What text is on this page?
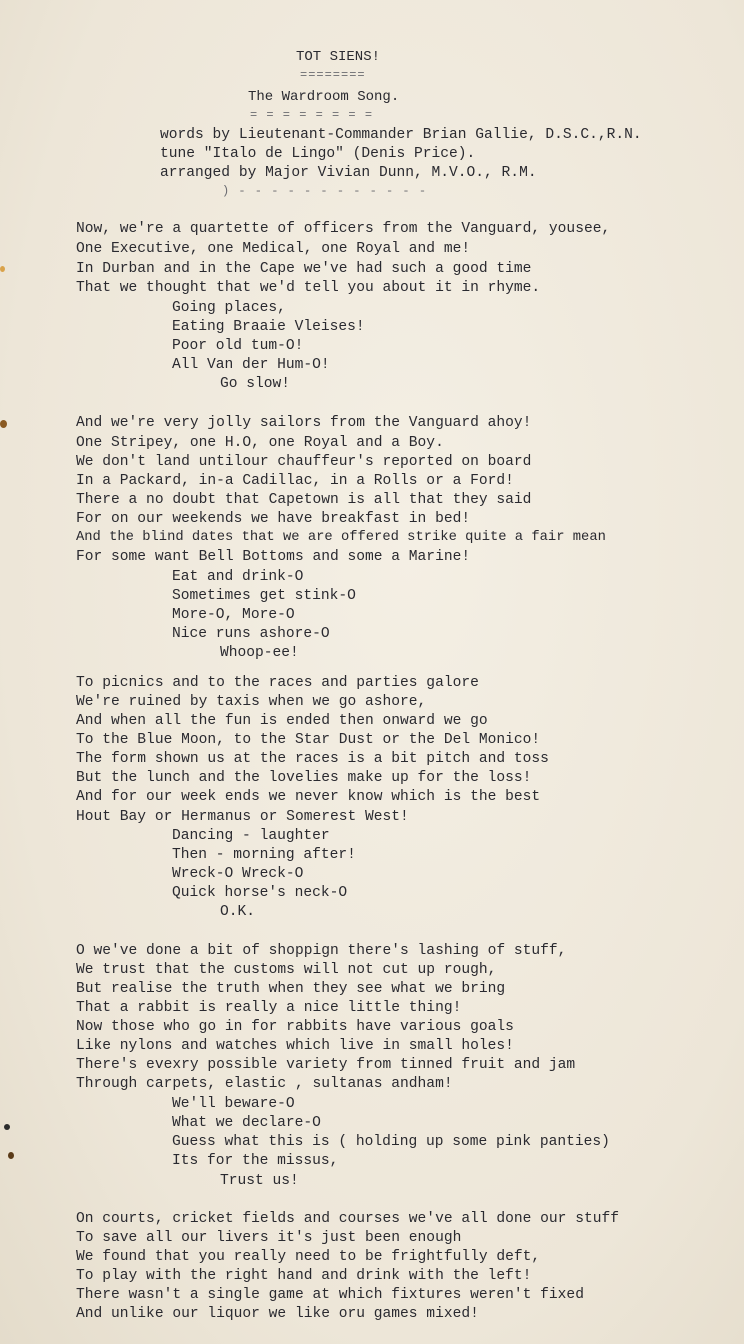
TOT SIENS!
========
The Wardroom Song.
= = = = = = = =
words by Lieutenant-Commander Brian Gallie, D.S.C.,R.N.
tune "Italo de Lingo" (Denis Price).
arranged by Major Vivian Dunn, M.V.O., R.M.
) - - - - - - - - - - - -
Now, we're a quartette of officers from the Vanguard, yousee,
One Executive, one Medical, one Royal and me!
In Durban and in the Cape we've had such a good time
That we thought that we'd tell you about it in rhyme.
Going places,
Eating Braaie Vleises!
Poor old tum-O!
All Van der Hum-O!
Go slow!
And we're very jolly sailors from the Vanguard ahoy!
One Stripey, one H.O, one Royal and a Boy.
We don't land untilour chauffeur's reported on board
In a Packard, in-a Cadillac, in a Rolls or a Ford!
There a no doubt that Capetown is all that they said
For on our weekends we have breakfast in bed!
And the blind dates that we are offered strike quite a fair mean
For some want Bell Bottoms and some a Marine!
Eat and drink-O
Sometimes get stink-O
More-O, More-O
Nice runs ashore-O
Whoop-ee!
To picnics and to the races and parties galore
We're ruined by taxis when we go ashore,
And when all the fun is ended then onward we go
To the Blue Moon, to the Star Dust or the Del Monico!
The form shown us at the races is a bit pitch and toss
But the lunch and the lovelies make up for the loss!
And for our week ends we never know which is the best
Hout Bay or Hermanus or Somerest West!
Dancing - laughter
Then - morning after!
Wreck-O Wreck-O
Quick horse's neck-O
O.K.
O we've done a bit of shoppign there's lashing of stuff,
We trust that the customs will not cut up rough,
But realise the truth when they see what we bring
That a rabbit is really a nice little thing!
Now those who go in for rabbits have various goals
Like nylons and watches which live in small holes!
There's evexry possible variety from tinned fruit and jam
Through carpets, elastic , sultanas andham!
We'll beware-O
What we declare-O
Guess what this is ( holding up some pink panties)
Its for the missus,
Trust us!
On courts, cricket fields and courses we've all done our stuff
To save all our livers it's just been enough
We found that you really need to be frightfully deft,
To play with the right hand and drink with the left!
There wasn't a single game at which fixtures weren't fixed
And unlike our liquor we like oru games mixed!
